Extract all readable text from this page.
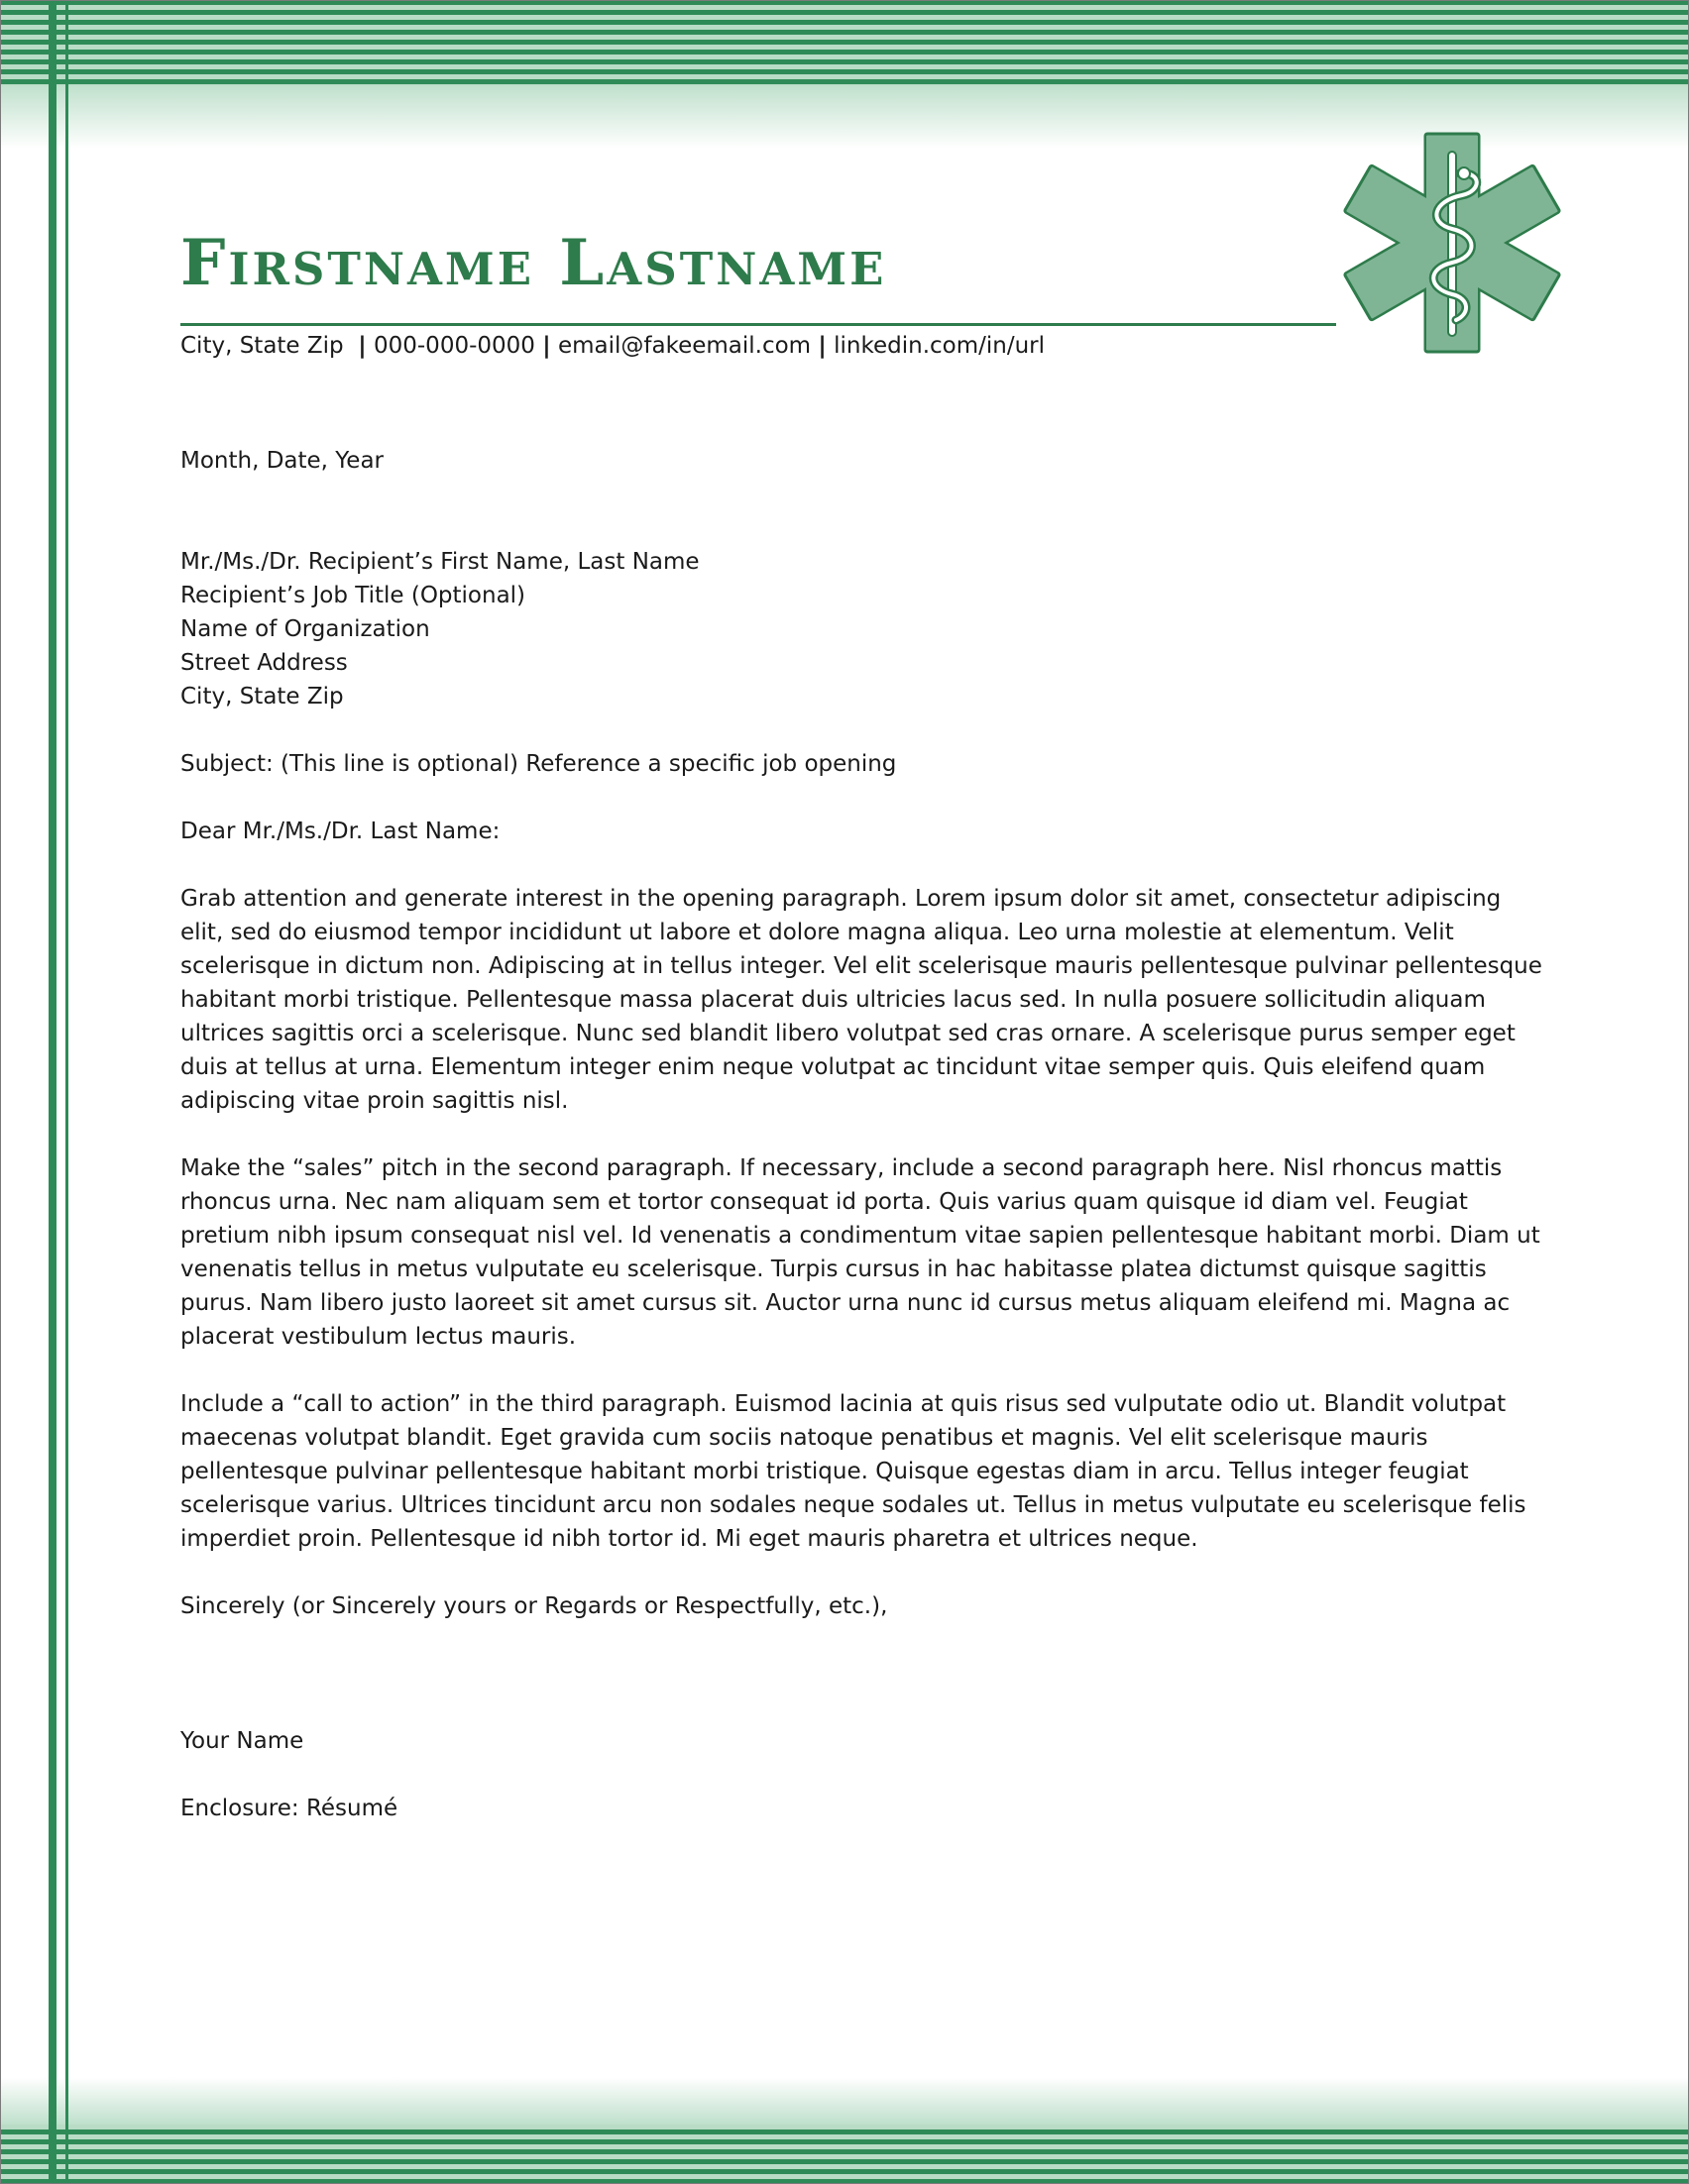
Firstname Lastname
City, State Zip | 000-000-0000 | email@fakeemail.com | linkedin.com/in/url

Month, Date, Year

Mr./Ms./Dr. Recipient’s First Name, Last Name
Recipient’s Job Title (Optional)
Name of Organization
Street Address
City, State Zip

Subject: (This line is optional) Reference a specific job opening

Dear Mr./Ms./Dr. Last Name:

Grab attention and generate interest in the opening paragraph. Lorem ipsum dolor sit amet, consectetur adipiscing elit, sed do eiusmod tempor incididunt ut labore et dolore magna aliqua. Leo urna molestie at elementum. Velit scelerisque in dictum non. Adipiscing at in tellus integer. Vel elit scelerisque mauris pellentesque pulvinar pellentesque habitant morbi tristique. Pellentesque massa placerat duis ultricies lacus sed. In nulla posuere sollicitudin aliquam ultrices sagittis orci a scelerisque. Nunc sed blandit libero volutpat sed cras ornare. A scelerisque purus semper eget duis at tellus at urna. Elementum integer enim neque volutpat ac tincidunt vitae semper quis. Quis eleifend quam adipiscing vitae proin sagittis nisl.

Make the “sales” pitch in the second paragraph. If necessary, include a second paragraph here. Nisl rhoncus mattis rhoncus urna. Nec nam aliquam sem et tortor consequat id porta. Quis varius quam quisque id diam vel. Feugiat pretium nibh ipsum consequat nisl vel. Id venenatis a condimentum vitae sapien pellentesque habitant morbi. Diam ut venenatis tellus in metus vulputate eu scelerisque. Turpis cursus in hac habitasse platea dictumst quisque sagittis purus. Nam libero justo laoreet sit amet cursus sit. Auctor urna nunc id cursus metus aliquam eleifend mi. Magna ac placerat vestibulum lectus mauris.

Include a “call to action” in the third paragraph. Euismod lacinia at quis risus sed vulputate odio ut. Blandit volutpat maecenas volutpat blandit. Eget gravida cum sociis natoque penatibus et magnis. Vel elit scelerisque mauris pellentesque pulvinar pellentesque habitant morbi tristique. Quisque egestas diam in arcu. Tellus integer feugiat scelerisque varius. Ultrices tincidunt arcu non sodales neque sodales ut. Tellus in metus vulputate eu scelerisque felis imperdiet proin. Pellentesque id nibh tortor id. Mi eget mauris pharetra et ultrices neque.

Sincerely (or Sincerely yours or Regards or Respectfully, etc.),

Your Name

Enclosure: Résumé
